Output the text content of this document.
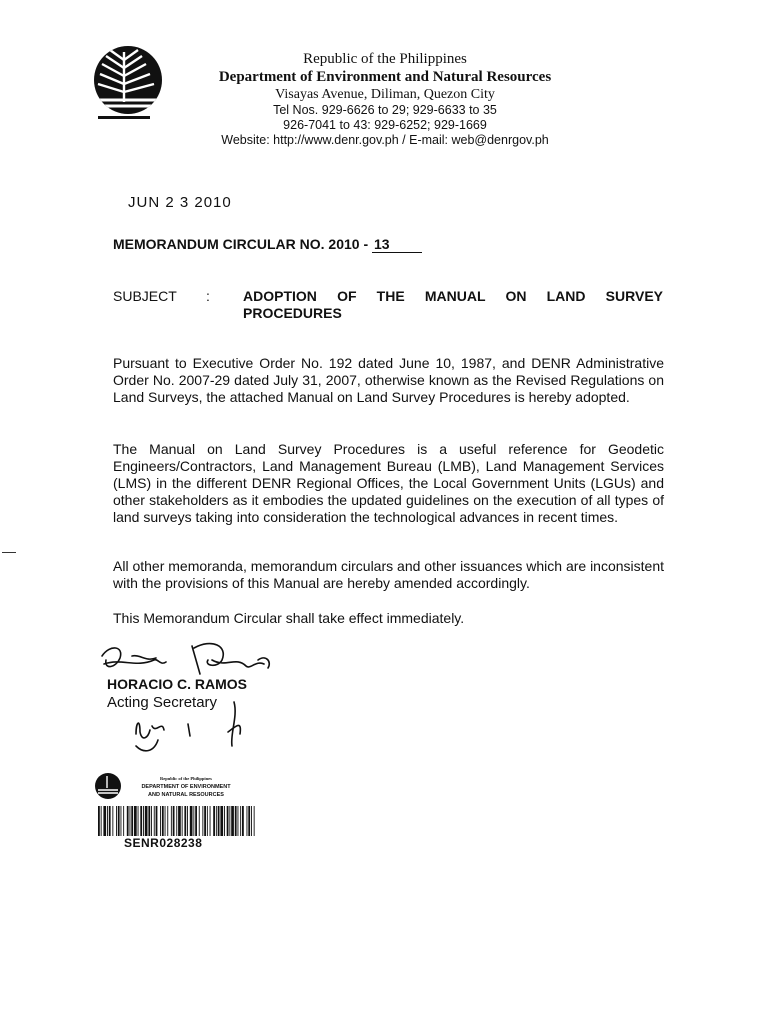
Republic of the Philippines
Department of Environment and Natural Resources
Visayas Avenue, Diliman, Quezon City
Tel Nos. 929-6626 to 29; 929-6633 to 35
926-7041 to 43: 929-6252; 929-1669
Website: http://www.denr.gov.ph / E-mail: web@denrgov.ph
JUN 2 3 2010
MEMORANDUM CIRCULAR NO. 2010 - 13
SUBJECT : ADOPTION OF THE MANUAL ON LAND SURVEY PROCEDURES
Pursuant to Executive Order No. 192 dated June 10, 1987, and DENR Administrative Order No. 2007-29 dated July 31, 2007, otherwise known as the Revised Regulations on Land Surveys, the attached Manual on Land Survey Procedures is hereby adopted.
The Manual on Land Survey Procedures is a useful reference for Geodetic Engineers/Contractors, Land Management Bureau (LMB), Land Management Services (LMS) in the different DENR Regional Offices, the Local Government Units (LGUs) and other stakeholders as it embodies the updated guidelines on the execution of all types of land surveys taking into consideration the technological advances in recent times.
All other memoranda, memorandum circulars and other issuances which are inconsistent with the provisions of this Manual are hereby amended accordingly.
This Memorandum Circular shall take effect immediately.
HORACIO C. RAMOS
Acting Secretary
Republic of the Philippines
DEPARTMENT OF ENVIRONMENT
AND NATURAL RESOURCES
SENR028238
